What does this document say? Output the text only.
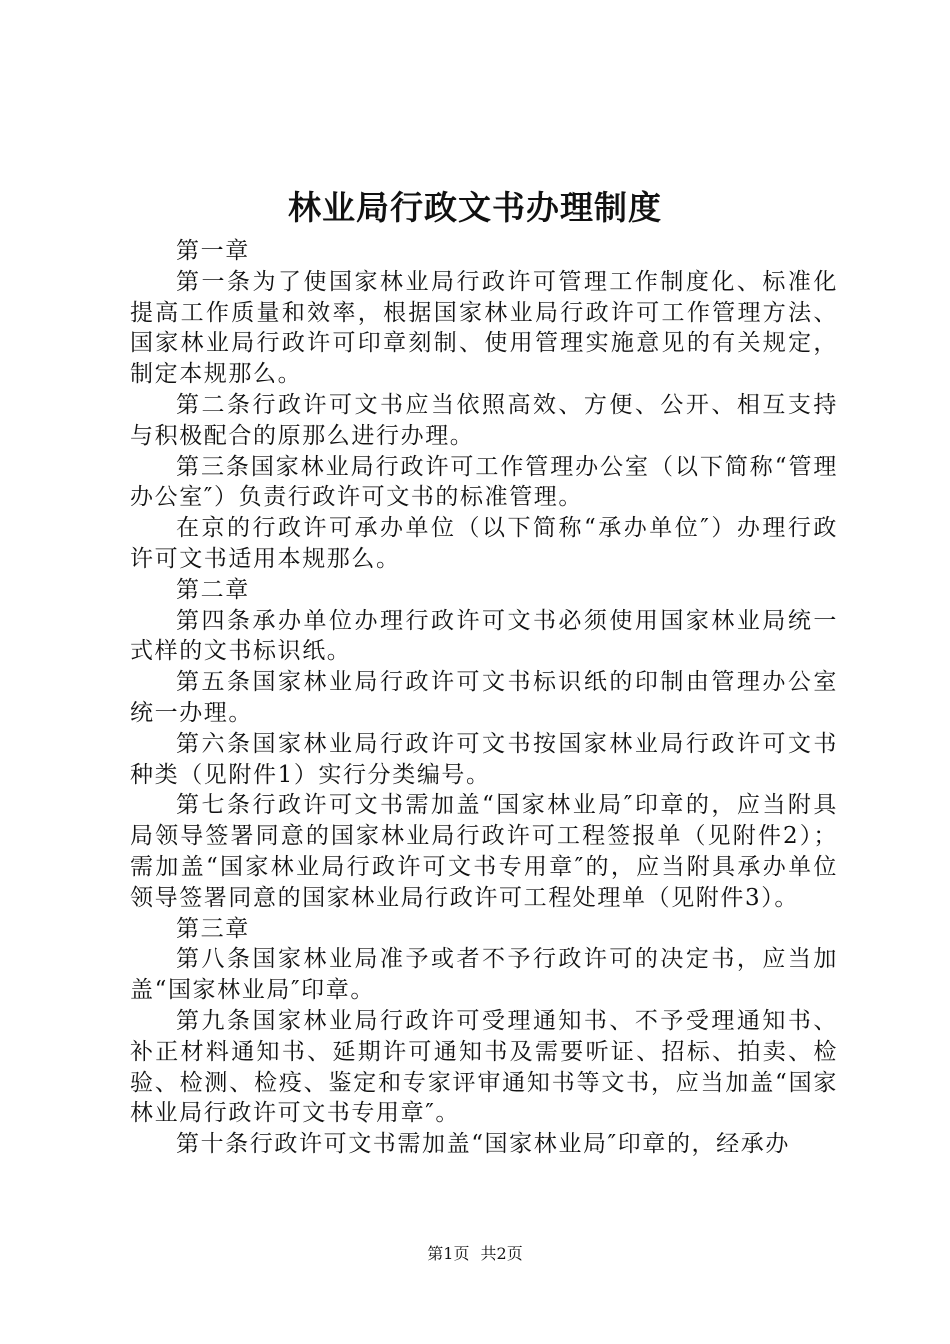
林业局行政文书办理制度

第一章

第一条为了使国家林业局行政许可管理工作制度化、标准化提高工作质量和效率，根据国家林业局行政许可工作管理方法、国家林业局行政许可印章刻制、使用管理实施意见的有关规定，制定本规那么。

第二条行政许可文书应当依照高效、方便、公开、相互支持与积极配合的原那么进行办理。

第三条国家林业局行政许可工作管理办公室（以下简称“管理办公室″）负责行政许可文书的标准管理。

在京的行政许可承办单位（以下简称“承办单位″）办理行政许可文书适用本规那么。

第二章

第四条承办单位办理行政许可文书必须使用国家林业局统一式样的文书标识纸。

第五条国家林业局行政许可文书标识纸的印制由管理办公室统一办理。

第六条国家林业局行政许可文书按国家林业局行政许可文书种类（见附件1）实行分类编号。

第七条行政许可文书需加盖“国家林业局″印章的，应当附具局领导签署同意的国家林业局行政许可工程签报单（见附件2）；需加盖“国家林业局行政许可文书专用章″的，应当附具承办单位领导签署同意的国家林业局行政许可工程处理单（见附件3）。

第三章

第八条国家林业局准予或者不予行政许可的决定书，应当加盖“国家林业局″印章。

第九条国家林业局行政许可受理通知书、不予受理通知书、补正材料通知书、延期许可通知书及需要听证、招标、拍卖、检验、检测、检疫、鉴定和专家评审通知书等文书，应当加盖“国家林业局行政许可文书专用章″。

第十条行政许可文书需加盖“国家林业局″印章的，经承办

第1页 共2页
